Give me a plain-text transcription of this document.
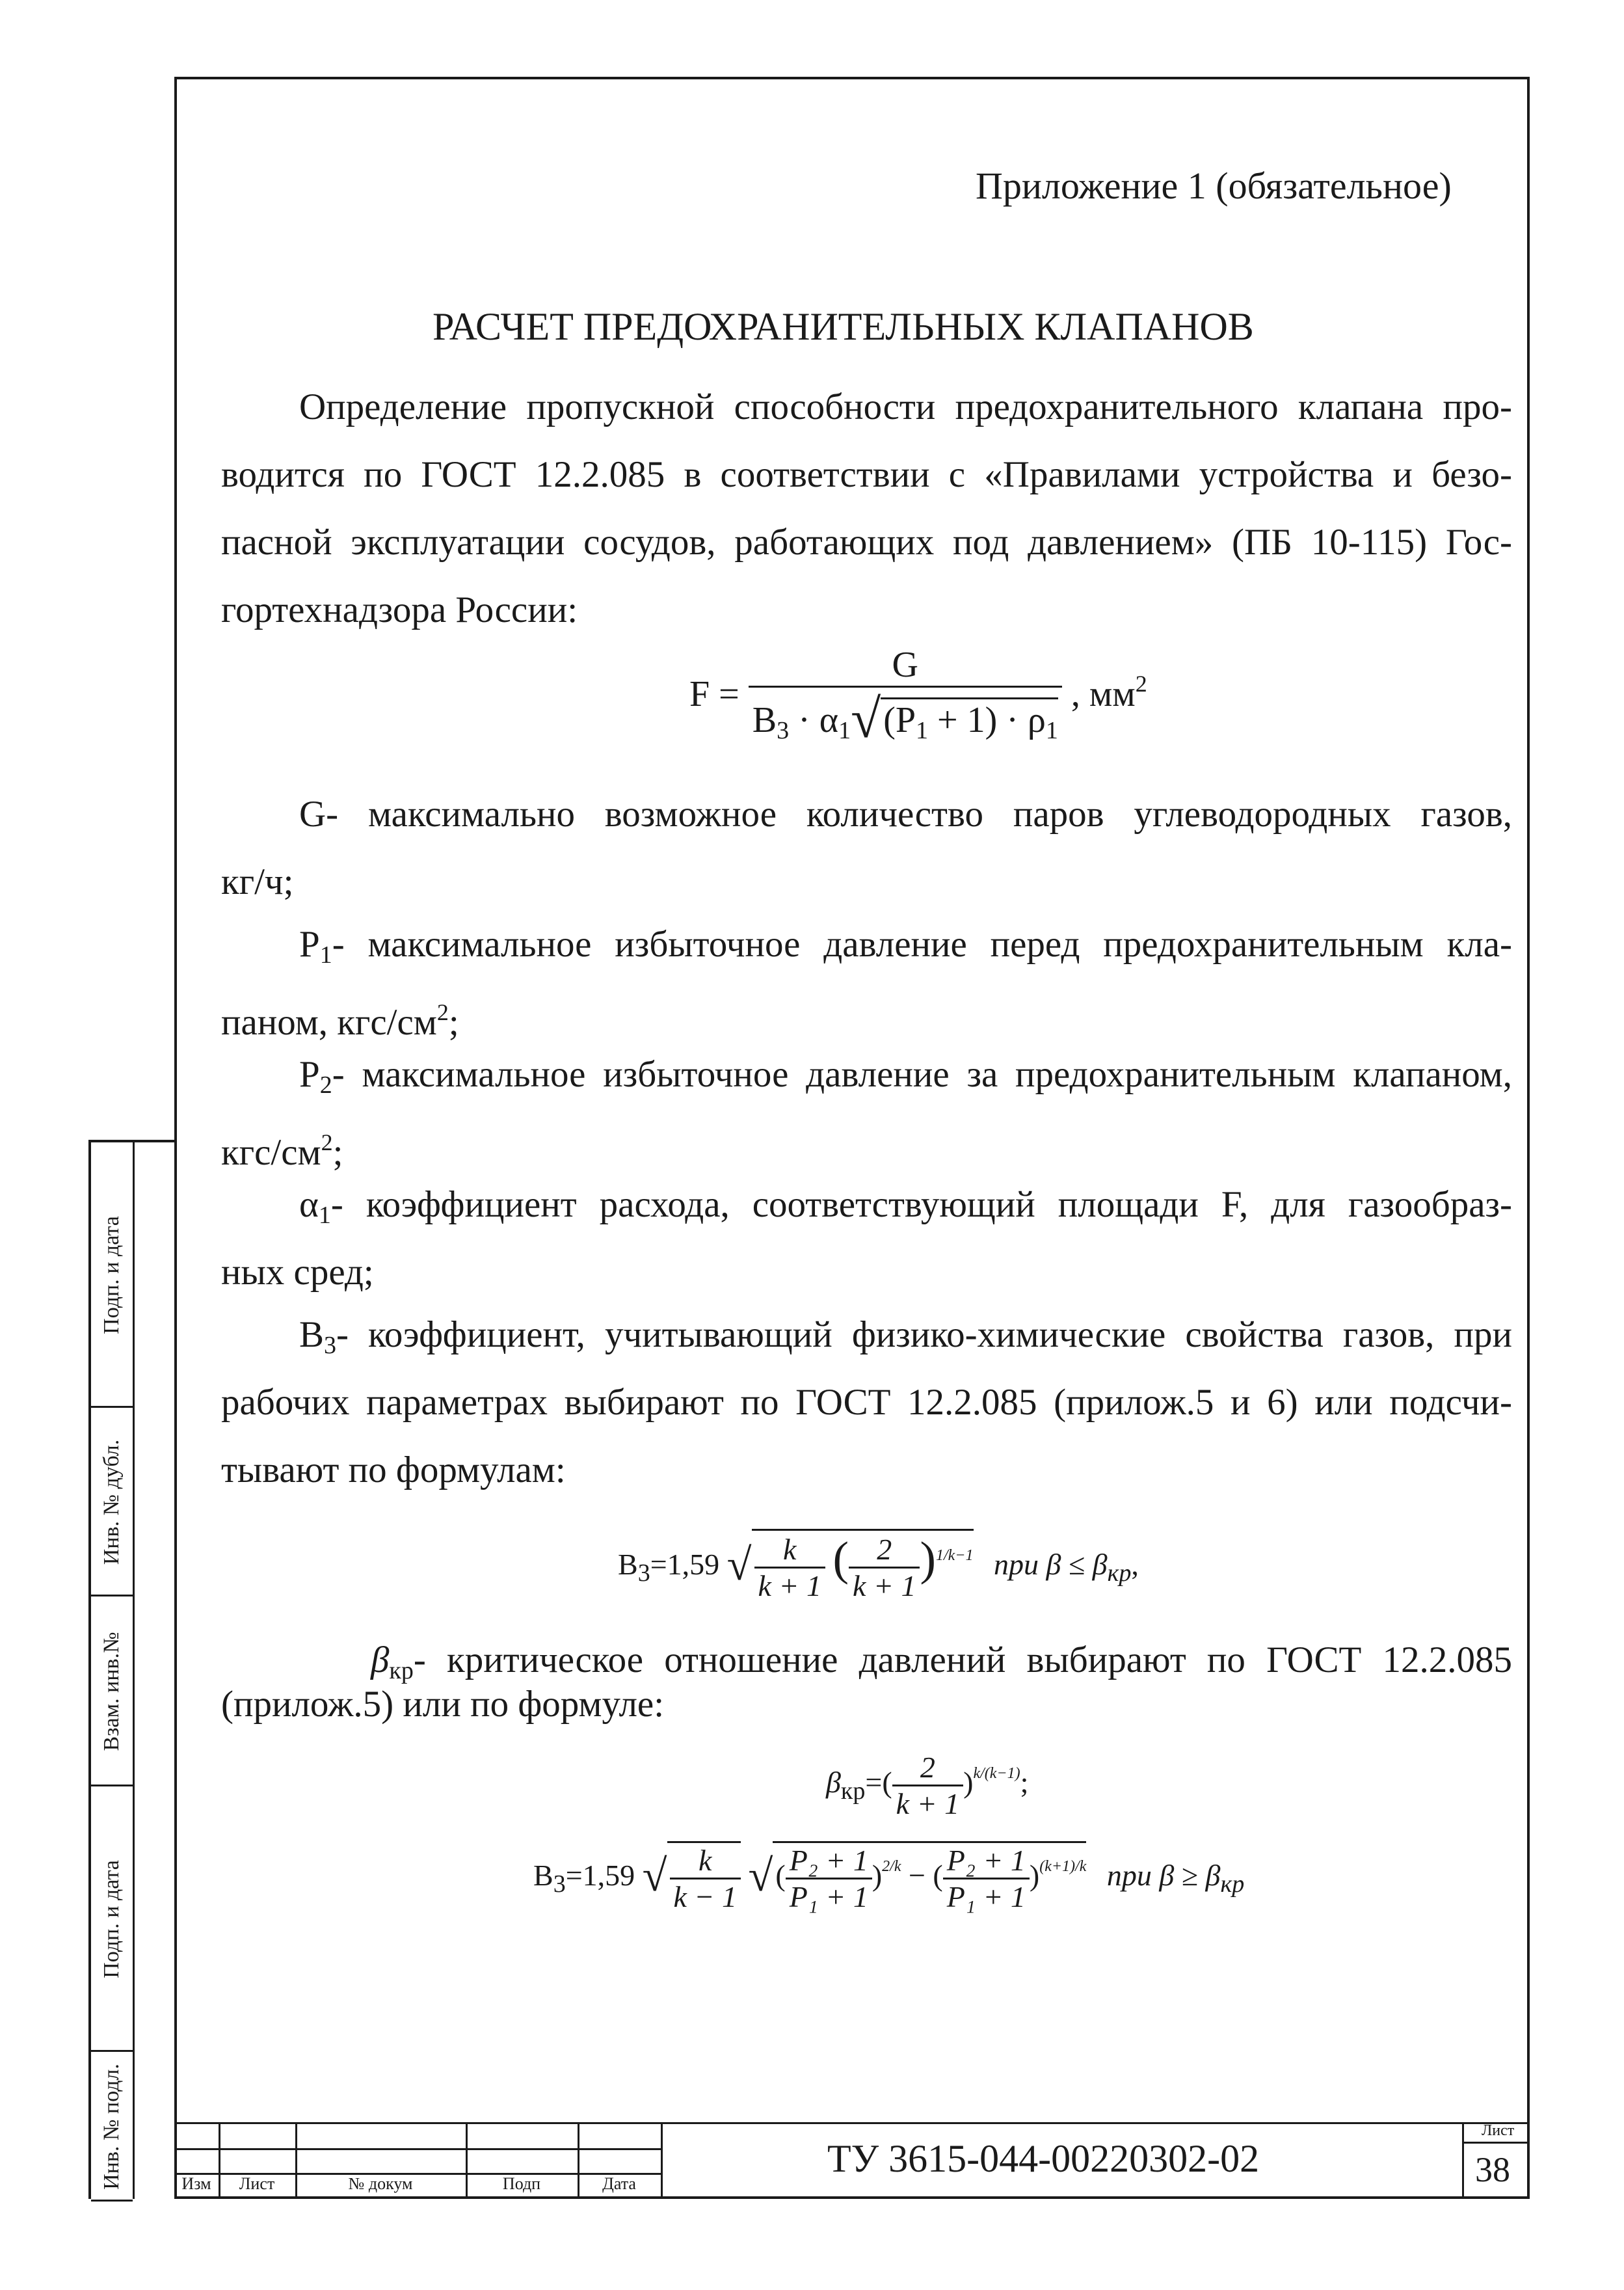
Приложение 1 (обязательное)
РАСЧЕТ ПРЕДОХРАНИТЕЛЬНЫХ КЛАПАНОВ
Определение пропускной способности предохранительного клапана про-
водится по ГОСТ 12.2.085 в соответствии с «Правилами устройства и безо-
пасной эксплуатации сосудов, работающих под давлением» (ПБ 10-115) Гос-
гортехнадзора России:
$F = \frac{G}{B_3 \cdot \alpha_1√(P_1 + 1) \cdot \rho_1}$ , $мм^2$
G- максимально возможное количество паров углеводородных газов,
кг/ч;
$P_1-$ максимальное избыточное давление перед предохранительным кла-
паном, кгс/$см^2$;
$P_2-$ максимальное избыточное давление за предохранительным клапаном,
кгс/$см^2$;
$\alpha_1-$ коэффициент расхода, соответствующий площади F, для газообраз-
ных сред;
$B_3-$ коэффициент, учитывающий физико-химические свойства газов, при
рабочих параметрах выбирают по ГОСТ 12.2.085 (прилож.5 и 6) или подсчи-
тывают по формулам:
$B_3=1,59$ √ $\frac{k}{k + 1}$ ( $\frac{2}{k + 1} )^{1/k-1}$ при $\beta \le \beta_{кр}$,
$\beta_{кр}-$ критическое отношение давлений выбирают по ГОСТ 12.2.085
(прилож.5) или по формуле:
$\beta_{кр}=( \frac{2}{k + 1} )^{k/(k-1)}$;
$B_3=1,59$ √ $\frac{k}{k - 1}$ √( $\frac{\text{P₂ + 1}}{\text{P₁ + 1}} )^{2/k}$ − ( $\frac{\text{P₂ + 1}}{\text{P₁ + 1}} )^{(k+1)/k}$ при $\beta \ge \beta_{кр}$
Подп. и дата
Инв. № дубл.
Взам. инв.№
Подп. и дата
Инв. № подл.	Изм Лист	№ докум	Подп	Дата
ТУ 3615-044-00220302-02
Лист
38
